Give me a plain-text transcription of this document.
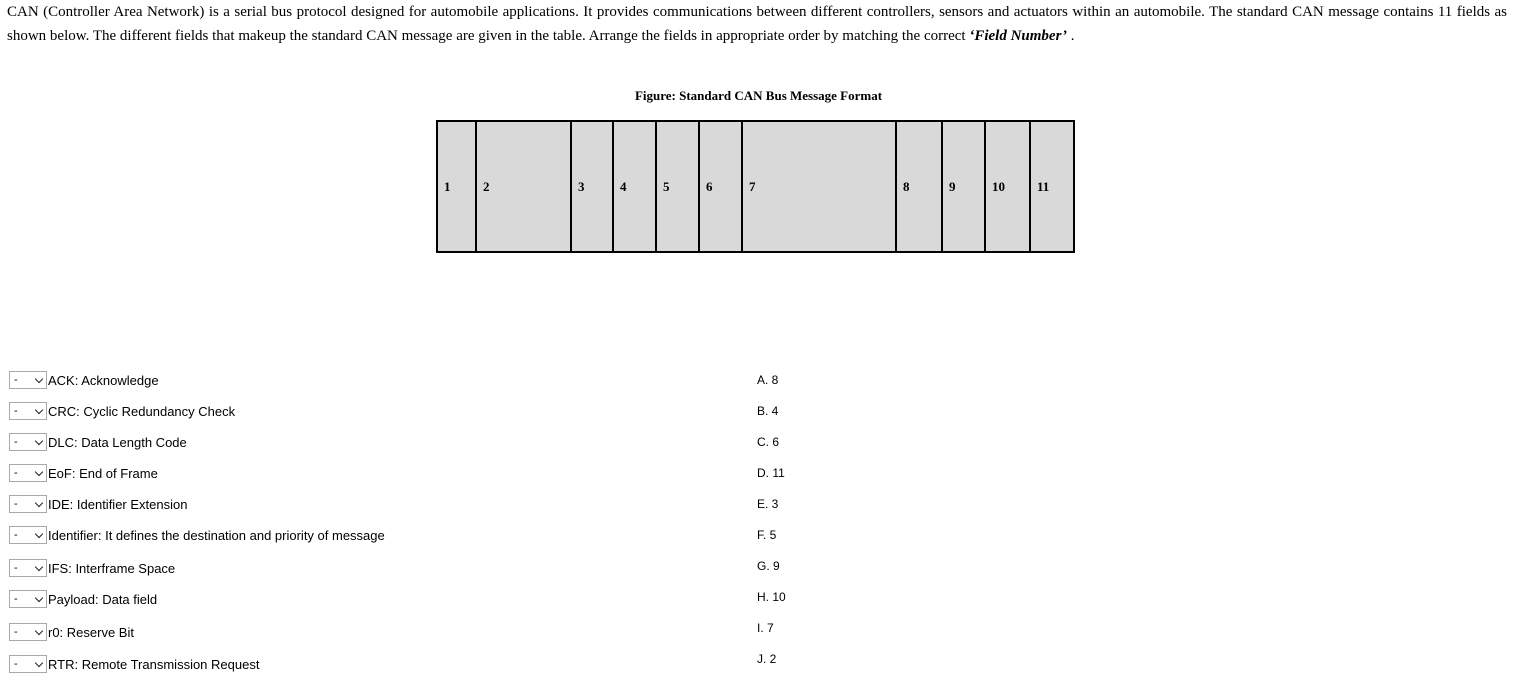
CAN (Controller Area Network) is a serial bus protocol designed for automobile applications. It provides communications between different controllers, sensors and actuators within an automobile. The standard CAN message contains 11 fields as shown below. The different fields that makeup the standard CAN message are given in the table. Arrange the fields in appropriate order by matching the correct ‘Field Number’ .

Figure: Standard CAN Bus Message Format
1	2	3	4	5	6	7	8	9	10	11
- ACK: Acknowledge
- CRC: Cyclic Redundancy Check
- DLC: Data Length Code
- EoF: End of Frame
- IDE: Identifier Extension
- Identifier: It defines the destination and priority of message
- IFS: Interframe Space
- Payload: Data field
- r0: Reserve Bit
- RTR: Remote Transmission Request
A. 8
B. 4
C. 6
D. 11
E. 3
F. 5
G. 9
H. 10
I. 7
J. 2
